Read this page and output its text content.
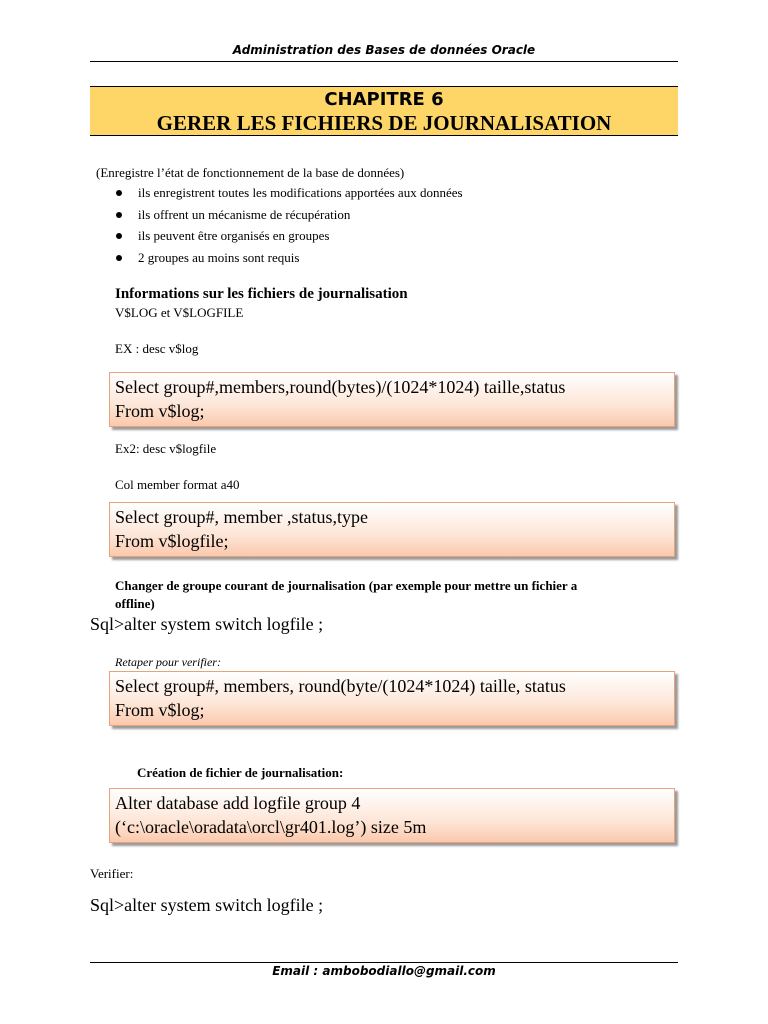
Administration des Bases de données Oracle
CHAPITRE 6
GERER LES FICHIERS DE JOURNALISATION
(Enregistre l’état de fonctionnement de la base de données)
ils enregistrent toutes les modifications apportées aux données
ils offrent un mécanisme de récupération
ils peuvent être organisés en groupes
2 groupes au moins sont requis
Informations sur les fichiers de journalisation
V$LOG et V$LOGFILE
EX : desc v$log
Select group#,members,round(bytes)/(1024*1024) taille,status
From v$log;
Ex2: desc v$logfile
Col member format a40
Select group#, member ,status,type
From v$logfile;
Changer de groupe courant de journalisation (par exemple pour mettre un fichier a
offline)
Sql>alter system switch logfile ;
Retaper pour verifier:
Select group#, members, round(byte/(1024*1024) taille, status
From v$log;
Création de fichier de journalisation:
Alter database add logfile group 4
(‘c:\oracle\oradata\orcl\gr401.log’) size 5m
Verifier:
Sql>alter system switch logfile ;
Email : ambobodiallo@gmail.com
